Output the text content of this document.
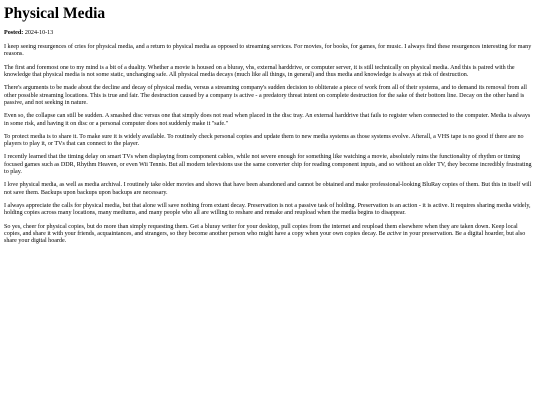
Physical Media

Posted: 2024-10-13

I keep seeing resurgences of cries for physical media, and a return to physical media as opposed to streaming services. For movies, for books, for games, for music. I always find these resurgences interesting for many reasons.

The first and foremost one to my mind is a bit of a duality. Whether a movie is housed on a bluray, vhs, external harddrive, or computer server, it is still technically on physical media. And this is paired with the knowledge that physical media is not some static, unchanging safe. All physical media decays (much like all things, in general) and thus media and knowledge is always at risk of destruction.

There's arguments to be made about the decline and decay of physical media, versus a streaming company's sudden decision to obliterate a piece of work from all of their systems, and to demand its removal from all other possible streaming locations. This is true and fair. The destruction caused by a company is active - a predatory threat intent on complete destruction for the sake of their bottom line. Decay on the other hand is passive, and not seeking in nature.

Even so, the collapse can still be sudden. A smashed disc versus one that simply does not read when placed in the disc tray. An external harddrive that fails to register when connected to the computer. Media is always in some risk, and having it on disc or a personal computer does not suddenly make it "safe."

To protect media is to share it. To make sure it is widely available. To routinely check personal copies and update them to new media systems as those systems evolve. Afterall, a VHS tape is no good if there are no players to play it, or TVs that can connect to the player.

I recently learned that the timing delay on smart TVs when displaying from component cables, while not severe enough for something like watching a movie, absolutely ruins the functionality of rhythm or timing focused games such as DDR, Rhythm Heaven, or even Wii Tennis. But all modern televisions use the same converter chip for reading component inputs, and so without an older TV, they become incredibly frustrating to play.

I love physical media, as well as media archival. I routinely take older movies and shows that have been abandoned and cannot be obtained and make professional-looking BluRay copies of them. But this in itself will not save them. Backups upon backups upon backups are necessary.

I always appreciate the calls for physical media, but that alone will save nothing from extant decay. Preservation is not a passive task of holding. Preservation is an action - it is active. It requires sharing media widely, holding copies across many locations, many mediums, and many people who all are willing to reshare and remake and reupload when the media begins to disappear.

So yes, cheer for physical copies, but do more than simply requesting them. Get a bluray writer for your desktop, pull copies from the internet and reupload them elsewhere when they are taken down. Keep local copies, and share it with your friends, acquaintances, and strangers, so they become another person who might have a copy when your own copies decay. Be active in your preservation. Be a digital hoarder, but also share your digital hoarde.
